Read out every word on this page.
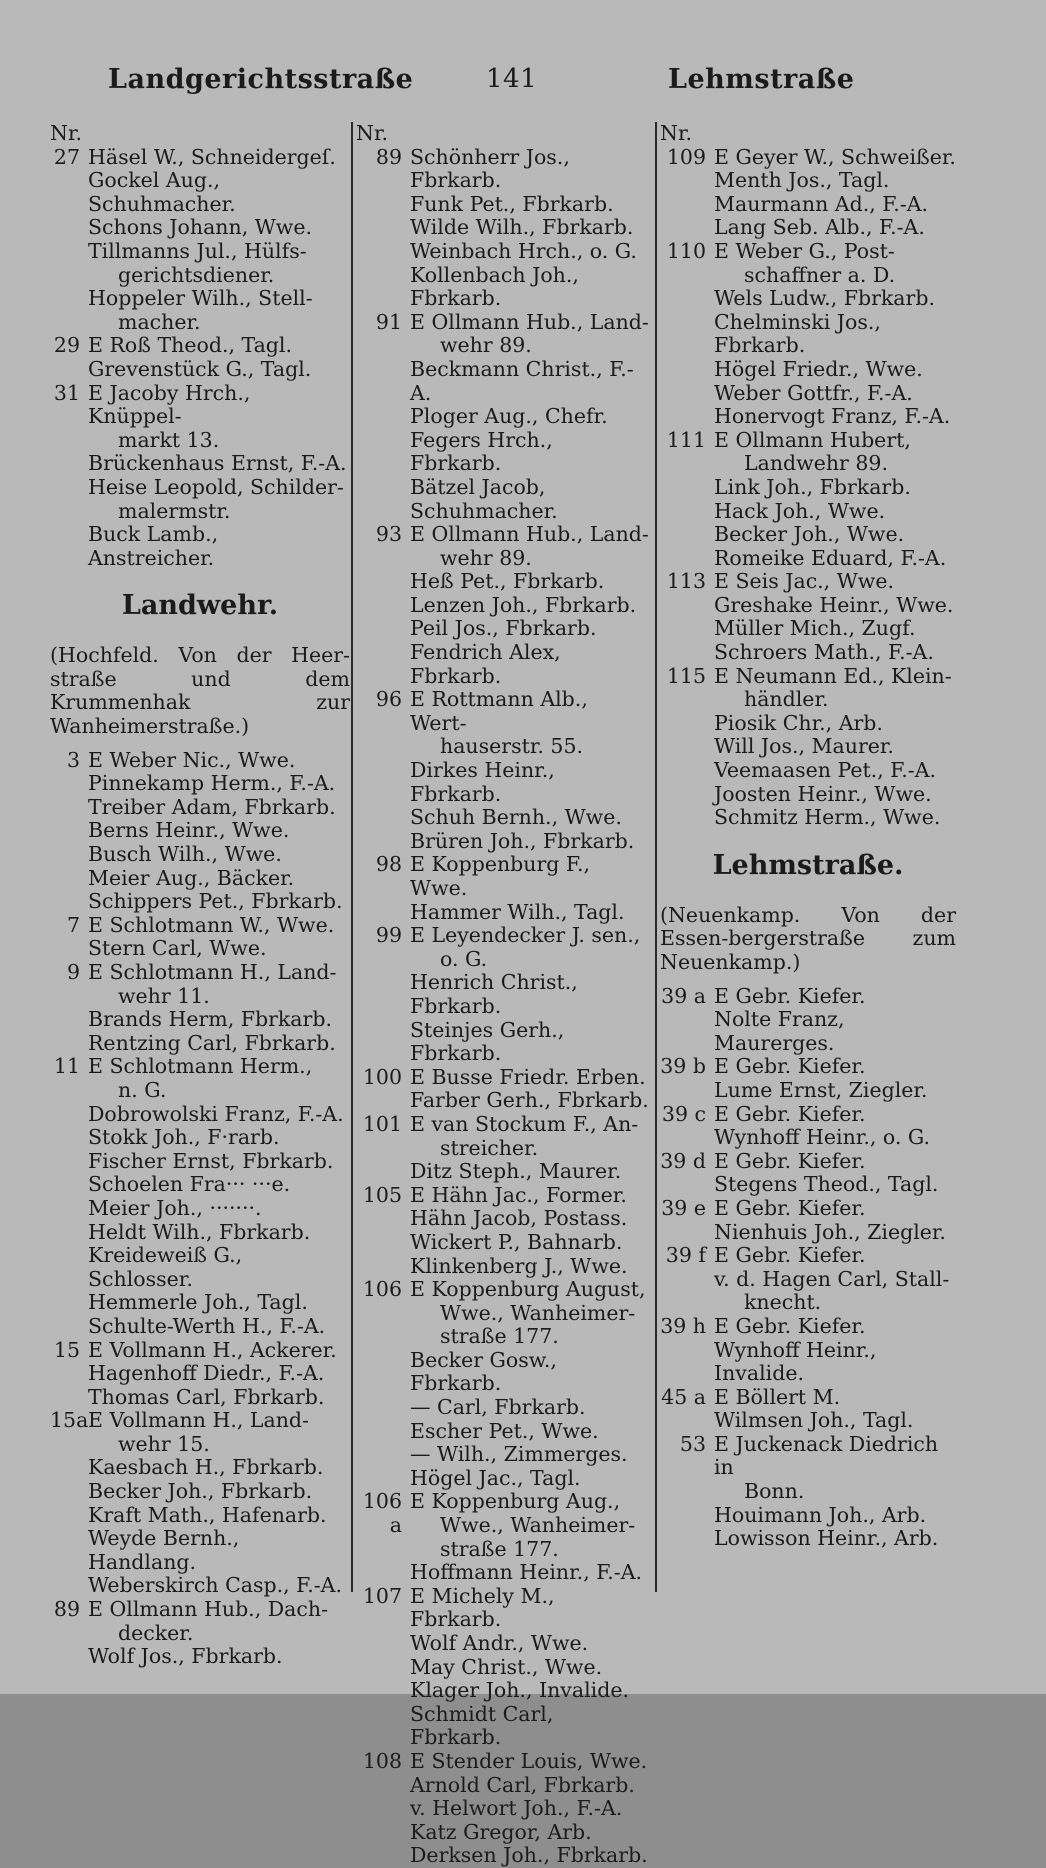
Landgerichtsstraße	141	Lehmstraße
Nr.
27 Häsel W., Schneidergeſ.
Gockel Aug., Schuhmacher.
Schons Johann, Wwe.
Tillmanns Jul., Hülfs-
gerichtsdiener.
Hoppeler Wilh., Stell-
macher.
29 E Roß Theod., Tagl.
Grevenstück G., Tagl.
31 E Jacoby Hrch., Knüppel-
markt 13.
Brückenhaus Ernst, F.-A.
Heise Leopold, Schilder-
malermstr.
Buck Lamb., Anstreicher.
Landwehr.
(Hochfeld. Von der Heer-straße und dem Krummenhak zur Wanheimerstraße.)
3 E Weber Nic., Wwe.
Pinnekamp Herm., F.-A.
Treiber Adam, Fbrkarb.
Berns Heinr., Wwe.
Busch Wilh., Wwe.
Meier Aug., Bäcker.
Schippers Pet., Fbrkarb.
7 E Schlotmann W., Wwe.
Stern Carl, Wwe.
9 E Schlotmann H., Land-
wehr 11.
Brands Herm, Fbrkarb.
Rentzing Carl, Fbrkarb.
11 E Schlotmann Herm.,
n. G.
Dobrowolski Franz, F.-A.
Stokk Joh., F·rarb.
Fischer Ernst, Fbrkarb.
Schoelen Fra··· ···e.
Meier Joh., ·······.
Heldt Wilh., Fbrkarb.
Kreideweiß G., Schlosser.
Hemmerle Joh., Tagl.
Schulte-Werth H., F.-A.
15 E Vollmann H., Ackerer.
Hagenhoff Diedr., F.-A.
Thomas Carl, Fbrkarb.
15a E Vollmann H., Land-
wehr 15.
Kaesbach H., Fbrkarb.
Becker Joh., Fbrkarb.
Kraft Math., Hafenarb.
Weyde Bernh., Handlang.
Weberskirch Casp., F.-A.
89 E Ollmann Hub., Dach-
decker.
Wolf Jos., Fbrkarb.
Nr.
89 Schönherr Jos., Fbrkarb.
Funk Pet., Fbrkarb.
Wilde Wilh., Fbrkarb.
Weinbach Hrch., o. G.
Kollenbach Joh., Fbrkarb.
91 E Ollmann Hub., Land-
wehr 89.
Beckmann Christ., F.-A.
Ploger Aug., Chefr.
Fegers Hrch., Fbrkarb.
Bätzel Jacob, Schuhmacher.
93 E Ollmann Hub., Land-
wehr 89.
Heß Pet., Fbrkarb.
Lenzen Joh., Fbrkarb.
Peil Jos., Fbrkarb.
Fendrich Alex, Fbrkarb.
96 E Rottmann Alb., Wert-
hauserstr. 55.
Dirkes Heinr., Fbrkarb.
Schuh Bernh., Wwe.
Brüren Joh., Fbrkarb.
98 E Koppenburg F., Wwe.
Hammer Wilh., Tagl.
99 E Leyendecker J. sen.,
o. G.
Henrich Christ., Fbrkarb.
Steinjes Gerh., Fbrkarb.
100 E Busse Friedr. Erben.
Farber Gerh., Fbrkarb.
101 E van Stockum F., An-
streicher.
Ditz Steph., Maurer.
105 E Hähn Jac., Former.
Hähn Jacob, Postass.
Wickert P., Bahnarb.
Klinkenberg J., Wwe.
106 E Koppenburg August,
Wwe., Wanheimer-
straße 177.
Becker Gosw., Fbrkarb.
— Carl, Fbrkarb.
Escher Pet., Wwe.
— Wilh., Zimmerges.
Högel Jac., Tagl.
106 a
E Koppenburg Aug.,
Wwe., Wanheimer-
straße 177.
Hoffmann Heinr., F.-A.
107 E Michely M., Fbrkarb.
Wolf Andr., Wwe.
May Christ., Wwe.
Klager Joh., Invalide.
Schmidt Carl, Fbrkarb.
108 E Stender Louis, Wwe.
Arnold Carl, Fbrkarb.
v. Helwort Joh., F.-A.
Katz Gregor, Arb.
Derksen Joh., Fbrkarb.
Nr.
109 E Geyer W., Schweißer.
Menth Jos., Tagl.
Maurmann Ad., F.-A.
Lang Seb. Alb., F.-A.
110 E Weber G., Post-
schaffner a. D.
Wels Ludw., Fbrkarb.
Chelminski Jos., Fbrkarb.
Högel Friedr., Wwe.
Weber Gottfr., F.-A.
Honervogt Franz, F.-A.
111 E Ollmann Hubert,
Landwehr 89.
Link Joh., Fbrkarb.
Hack Joh., Wwe.
Becker Joh., Wwe.
Romeike Eduard, F.-A.
113 E Seis Jac., Wwe.
Greshake Heinr., Wwe.
Müller Mich., Zugf.
Schroers Math., F.-A.
115 E Neumann Ed., Klein-
händler.
Piosik Chr., Arb.
Will Jos., Maurer.
Veemaasen Pet., F.-A.
Joosten Heinr., Wwe.
Schmitz Herm., Wwe.
Lehmstraße.
(Neuenkamp. Von der Essen-bergerstraße zum Neuenkamp.)
39 a E Gebr. Kiefer.
Nolte Franz, Maurerges.
39 b E Gebr. Kiefer.
Lume Ernst, Ziegler.
39 c E Gebr. Kiefer.
Wynhoff Heinr., o. G.
39 d E Gebr. Kiefer.
Stegens Theod., Tagl.
39 e E Gebr. Kiefer.
Nienhuis Joh., Ziegler.
39 f E Gebr. Kiefer.
v. d. Hagen Carl, Stall-
knecht.
39 h E Gebr. Kiefer.
Wynhoff Heinr., Invalide.
45 a E Böllert M.
Wilmsen Joh., Tagl.
53 E Juckenack Diedrich in
Bonn.
Houimann Joh., Arb.
Lowisson Heinr., Arb.
